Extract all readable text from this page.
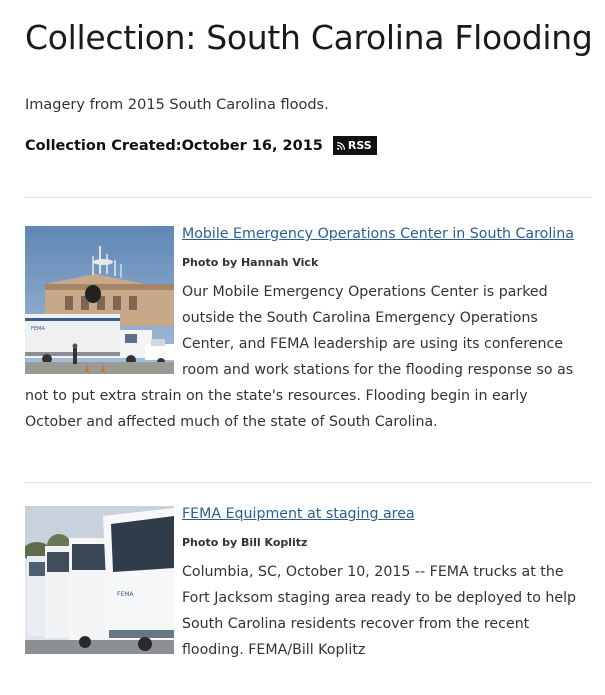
Collection: South Carolina Flooding

Imagery from 2015 South Carolina floods.

Collection Created: October 16, 2015 RSS
FEMA
Mobile Emergency Operations Center in South Carolina
Photo by Hannah Vick

Our Mobile Emergency Operations Center is parked outside the South Carolina Emergency Operations Center, and FEMA leadership are using its conference room and work stations for the flooding response so as not to put extra strain on the state's resources. Flooding begin in early October and affected much of the state of South Carolina.

FEMA
FEMA Equipment at staging area
Photo by Bill Koplitz

Columbia, SC, October 10, 2015 -- FEMA trucks at the Fort Jacksom staging area ready to be deployed to help South Carolina residents recover from the recent flooding. FEMA/Bill Koplitz
